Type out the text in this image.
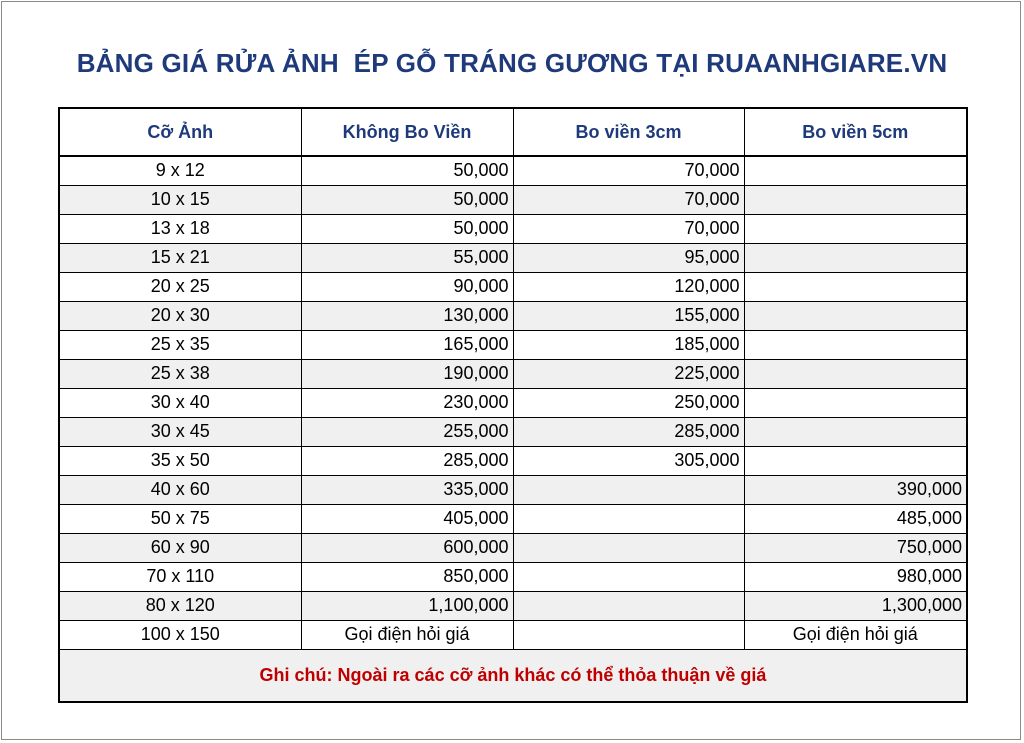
BẢNG GIÁ RỬA ẢNH  ÉP GỖ TRÁNG GƯƠNG TẠI RUAANHGIARE.VN
Cỡ Ảnh	Không Bo Viền	Bo viền 3cm	Bo viền 5cm
9 x 12	50,000	70,000	
10 x 15	50,000	70,000	
13 x 18	50,000	70,000	
15 x 21	55,000	95,000	
20 x 25	90,000	120,000	
20 x 30	130,000	155,000	
25 x 35	165,000	185,000	
25 x 38	190,000	225,000	
30 x 40	230,000	250,000	
30 x 45	255,000	285,000	
35 x 50	285,000	305,000	
40 x 60	335,000		390,000
50 x 75	405,000		485,000
60 x 90	600,000		750,000
70 x 110	850,000		980,000
80 x 120	1,100,000		1,300,000
100 x 150	Gọi điện hỏi giá		Gọi điện hỏi giá
Ghi chú: Ngoài ra các cỡ ảnh khác có thể thỏa thuận về giá			
